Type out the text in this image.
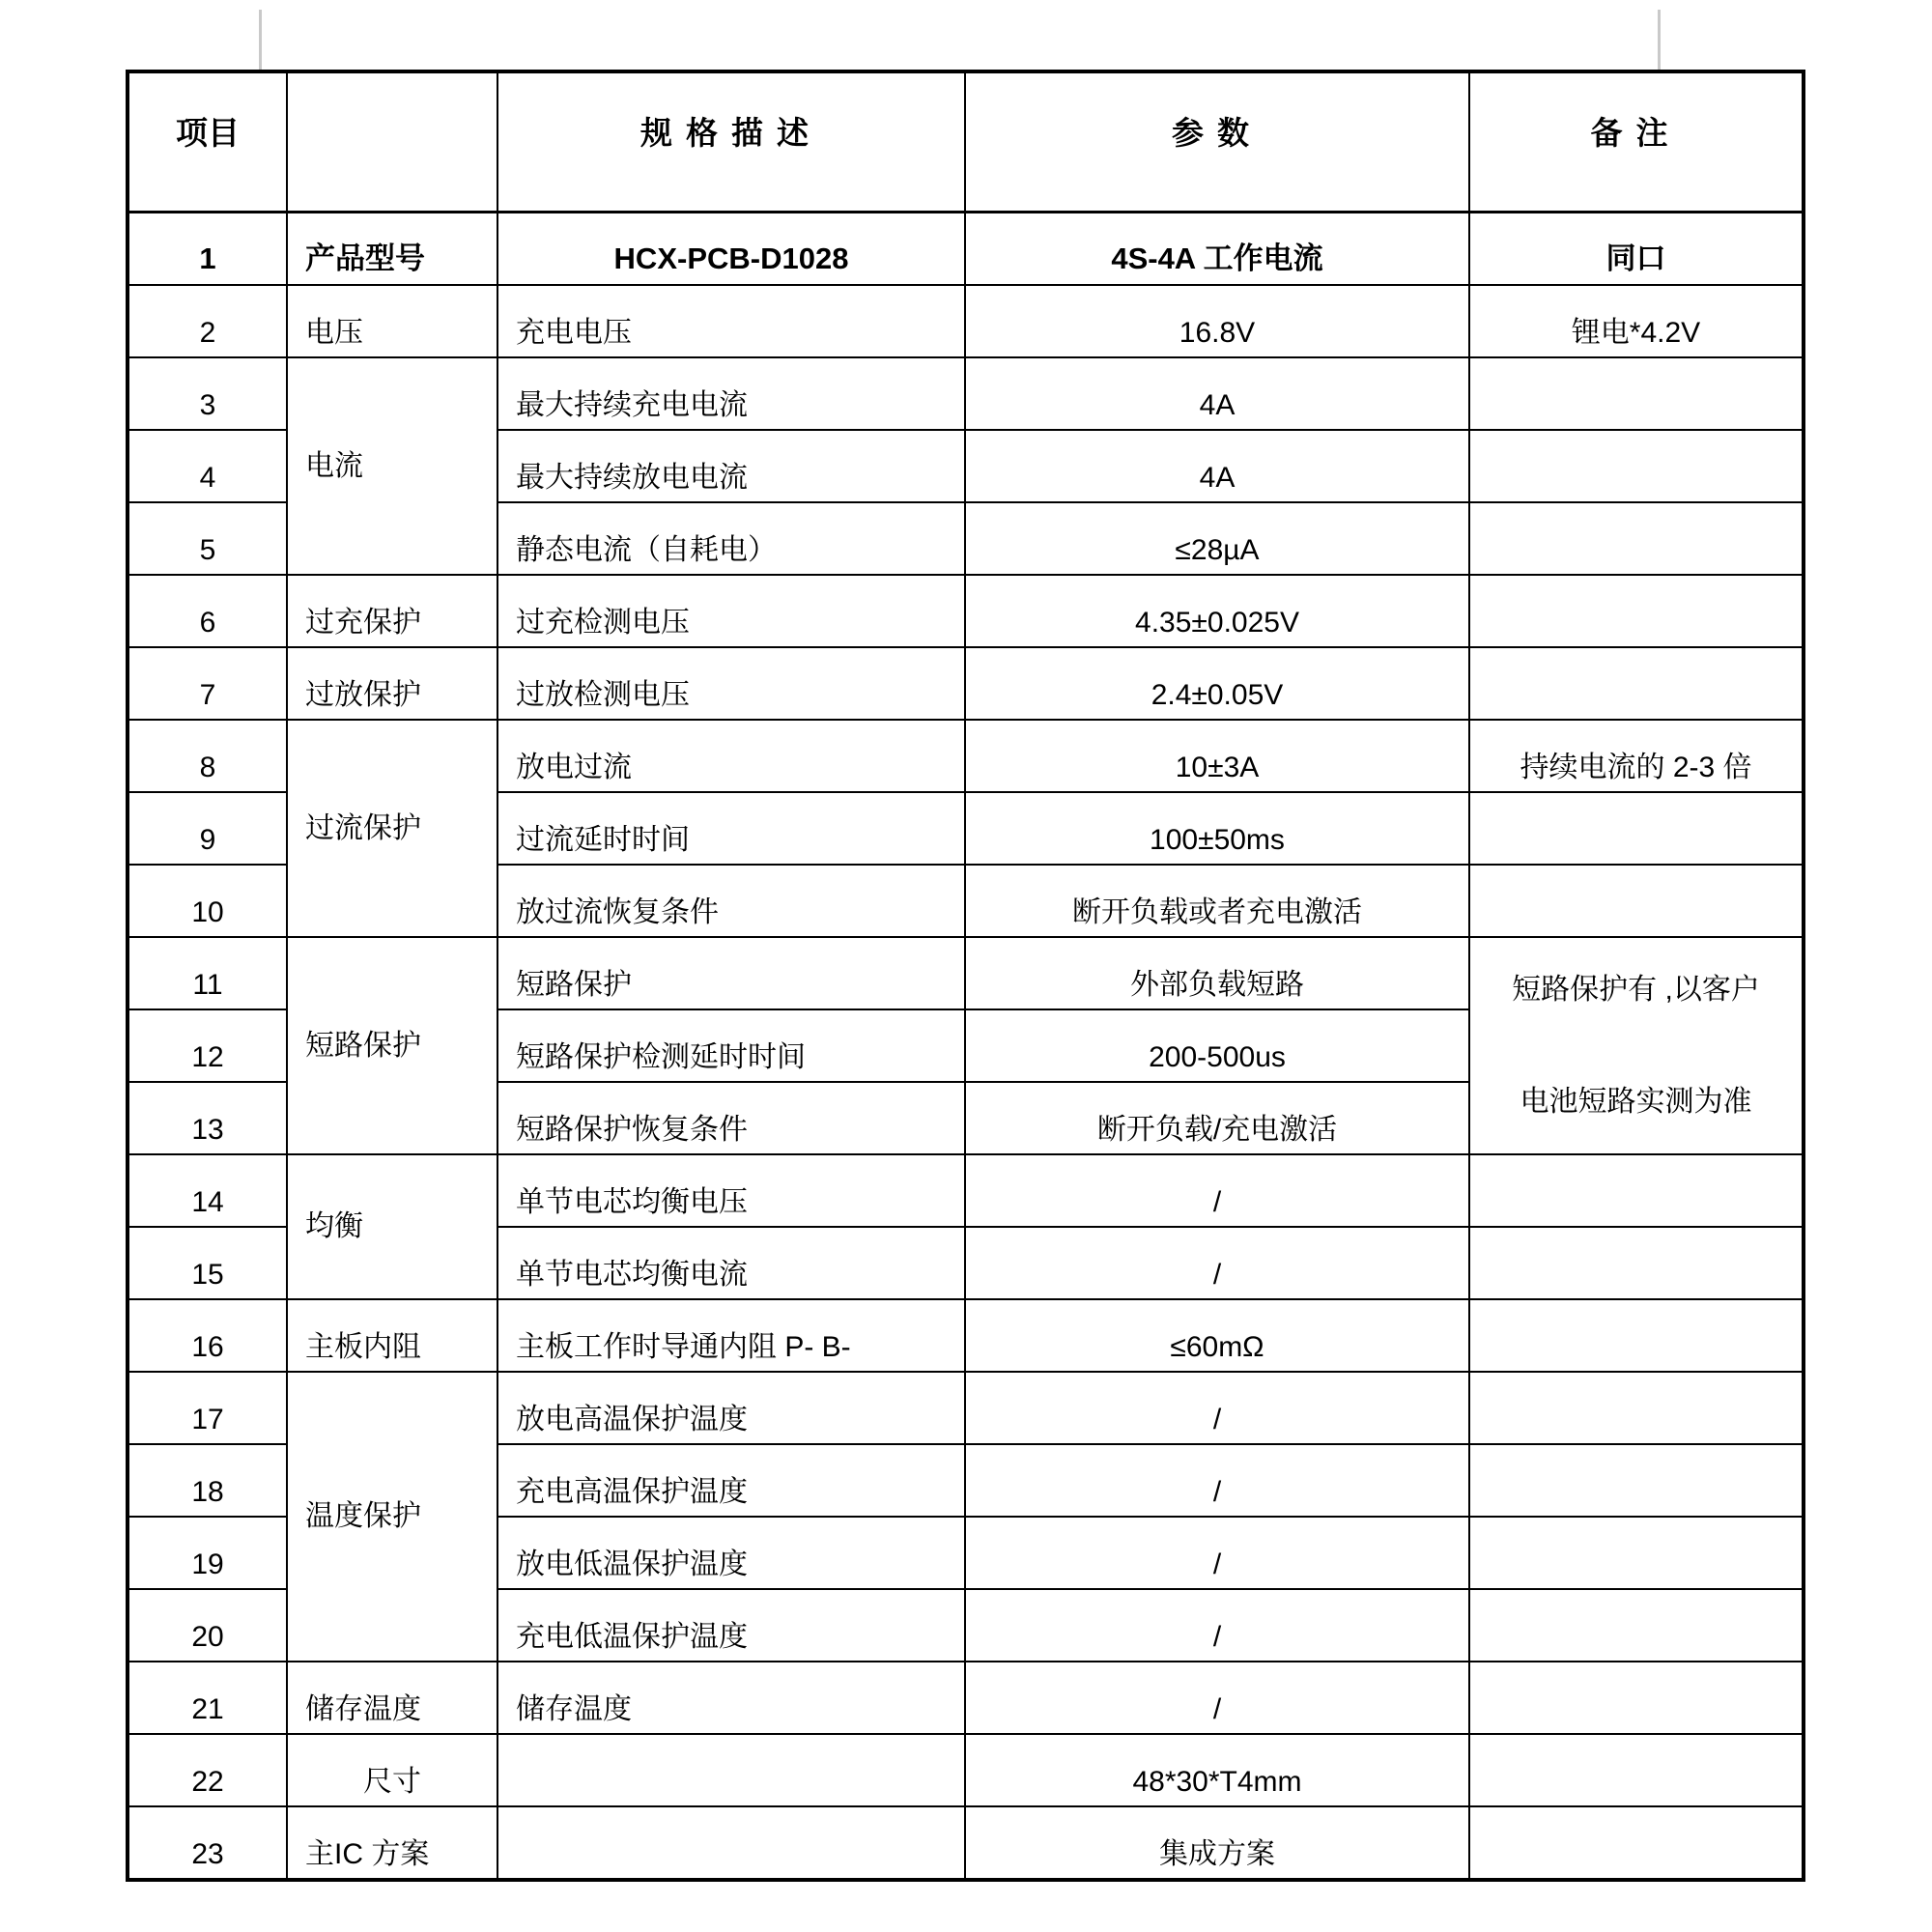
项目		规格描述	参数	备注
1	产品型号	HCX-PCB-D1028	4S-4A 工作电流	同口
2	电压	充电电压	16.8V	锂电*4.2V
3	电流	最大持续充电电流	4A	
4		最大持续放电电流	4A	
5		静态电流（自耗电）	≤28µA	
6	过充保护	过充检测电压	4.35±0.025V	
7	过放保护	过放检测电压	2.4±0.05V	
8	过流保护	放电过流	10±3A	持续电流的 2-3 倍
9		过流延时时间	100±50ms	
10		放过流恢复条件	断开负载或者充电激活	
11	短路保护	短路保护	外部负载短路	短路保护有 ,以客户
电池短路实测为准

12		短路保护检测延时时间	200-500us	
13		短路保护恢复条件	断开负载/充电激活	
14	均衡	单节电芯均衡电压	/	
15		单节电芯均衡电流	/	
16	主板内阻	主板工作时导通内阻 P- B-	≤60mΩ	
17	温度保护	放电高温保护温度	/	
18		充电高温保护温度	/	
19		放电低温保护温度	/	
20		充电低温保护温度	/	
21	储存温度	储存温度	/	
22	尺寸		48*30*T4mm	
23	主IC 方案		集成方案	
